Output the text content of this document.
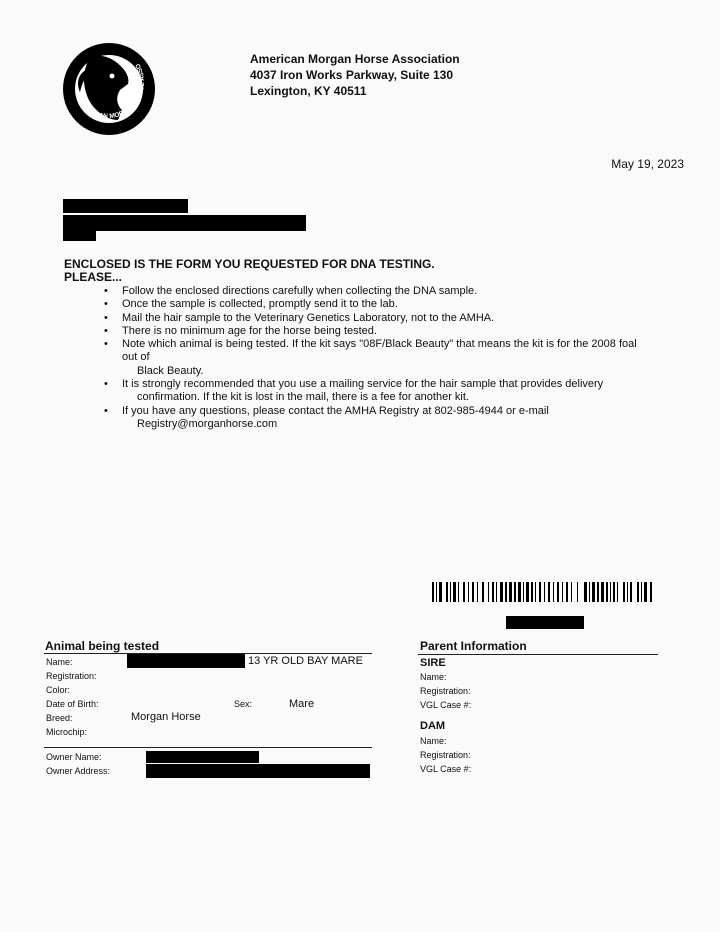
AMERICAN MORGAN HORSE ASSO
American Morgan Horse Association
4037 Iron Works Parkway, Suite 130
Lexington, KY 40511
May 19, 2023
ENCLOSED IS THE FORM YOU REQUESTED FOR DNA TESTING.
PLEASE...
• Follow the enclosed directions carefully when collecting the DNA sample.
• Once the sample is collected, promptly send it to the lab.
• Mail the hair sample to the Veterinary Genetics Laboratory, not to the AMHA.
• There is no minimum age for the horse being tested.
• Note which animal is being tested. If the kit says "08F/Black Beauty" that means the kit is for the 2008 foal
out of
Black Beauty.
• It is strongly recommended that you use a mailing service for the hair sample that provides delivery
confirmation. If the kit is lost in the mail, there is a fee for another kit.
• If you have any questions, please contact the AMHA Registry at 802-985-4944 or e-mail
Registry@morganhorse.com
Animal being tested
Name:	13 YR OLD BAY MARE
Registration:
Color:
Date of Birth:	Sex:	Mare
Breed:	Morgan Horse
Microchip:
Owner Name:
Owner Address:
Parent Information
SIRE
Name:
Registration:
VGL Case #:
DAM
Name:
Registration:
VGL Case #:
